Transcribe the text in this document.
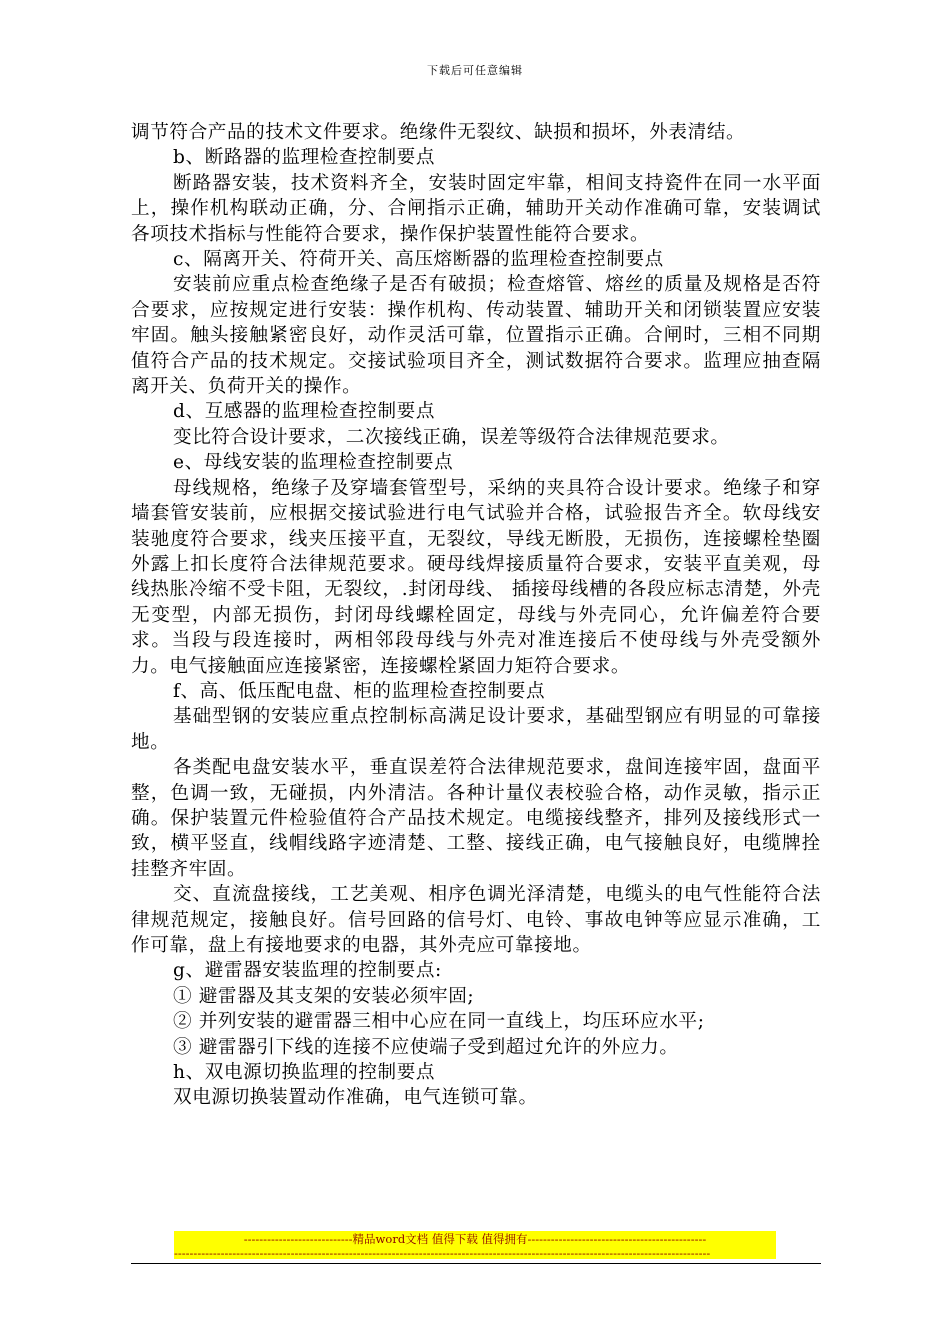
下载后可任意编辑

调节符合产品的技术文件要求。绝缘件无裂纹、缺损和损坏，外表清结。

b、断路器的监理检查控制要点

断路器安装，技术资料齐全，安装时固定牢靠，相间支持瓷件在同一水平面上，操作机构联动正确，分、合闸指示正确，辅助开关动作准确可靠，安装调试各项技术指标与性能符合要求，操作保护装置性能符合要求。

c、隔离开关、符荷开关、高压熔断器的监理检查控制要点

安装前应重点检查绝缘子是否有破损；检查熔管、熔丝的质量及规格是否符合要求，应按规定进行安装：操作机构、传动装置、辅助开关和闭锁装置应安装牢固。触头接触紧密良好，动作灵活可靠，位置指示正确。合闸时，三相不同期值符合产品的技术规定。交接试验项目齐全，测试数据符合要求。监理应抽查隔离开关、负荷开关的操作。

d、互感器的监理检查控制要点

变比符合设计要求，二次接线正确，误差等级符合法律规范要求。

e、母线安装的监理检查控制要点

母线规格，绝缘子及穿墙套管型号，采纳的夹具符合设计要求。绝缘子和穿墙套管安装前，应根据交接试验进行电气试验并合格，试验报告齐全。软母线安装驰度符合要求，线夹压接平直，无裂纹，导线无断股，无损伤，连接螺栓垫圈外露上扣长度符合法律规范要求。硬母线焊接质量符合要求，安装平直美观，母线热胀冷缩不受卡阻，无裂纹，.封闭母线、 插接母线槽的各段应标志清楚，外壳无变型，内部无损伤，封闭母线螺栓固定，母线与外壳同心，允许偏差符合要求。当段与段连接时，两相邻段母线与外壳对准连接后不使母线与外壳受额外力。电气接触面应连接紧密，连接螺栓紧固力矩符合要求。

f、高、低压配电盘、柜的监理检查控制要点

基础型钢的安装应重点控制标高满足设计要求，基础型钢应有明显的可靠接地。

各类配电盘安装水平，垂直误差符合法律规范要求，盘间连接牢固，盘面平整，色调一致，无碰损，内外清洁。各种计量仪表校验合格，动作灵敏，指示正确。保护装置元件检验值符合产品技术规定。电缆接线整齐，排列及接线形式一致，横平竖直，线帽线路字迹清楚、工整、接线正确，电气接触良好，电缆牌拴挂整齐牢固。

交、直流盘接线，工艺美观、相序色调光泽清楚，电缆头的电气性能符合法律规范规定，接触良好。信号回路的信号灯、电铃、事故电钟等应显示准确，工作可靠，盘上有接地要求的电器，其外壳应可靠接地。

g、避雷器安装监理的控制要点:

① 避雷器及其支架的安装必须牢固;

② 并列安装的避雷器三相中心应在同一直线上，均压环应水平;

③ 避雷器引下线的连接不应使端子受到超过允许的外应力。

h、双电源切换监理的控制要点

双电源切换装置动作准确，电气连锁可靠。

----------------------------精品word文档 值得下载 值得拥有----------------------------------------------
------------------------------------------------------------------------------------------------------------------------------------------
